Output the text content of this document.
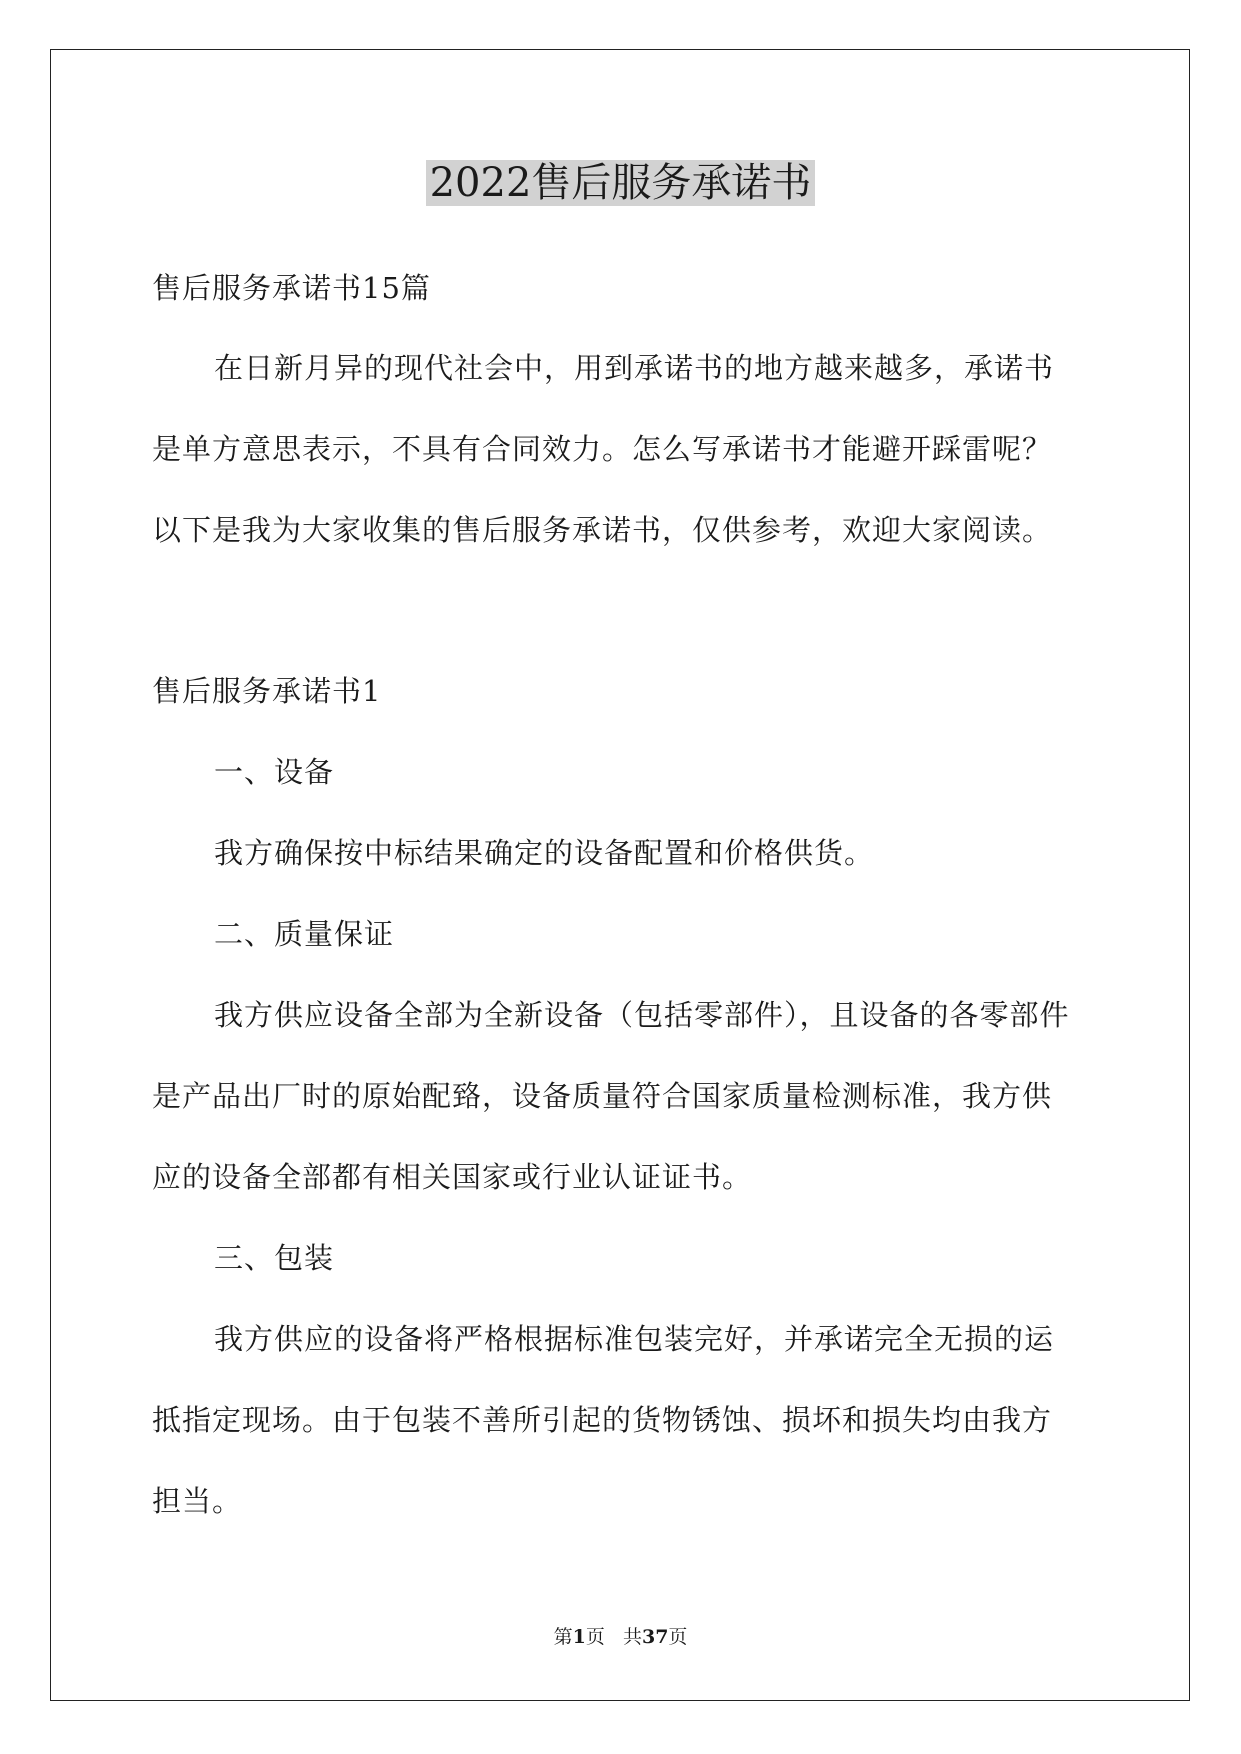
2022售后服务承诺书
售后服务承诺书15篇
在日新月异的现代社会中，用到承诺书的地方越来越多，承诺书
是单方意思表示，不具有合同效力。怎么写承诺书才能避开踩雷呢？
以下是我为大家收集的售后服务承诺书，仅供参考，欢迎大家阅读。
售后服务承诺书1
一、设备
我方确保按中标结果确定的设备配置和价格供货。
二、质量保证
我方供应设备全部为全新设备（包括零部件），且设备的各零部件
是产品出厂时的原始配臵，设备质量符合国家质量检测标准，我方供
应的设备全部都有相关国家或行业认证证书。
三、包装
我方供应的设备将严格根据标准包装完好，并承诺完全无损的运
抵指定现场。由于包装不善所引起的货物锈蚀、损坏和损失均由我方
担当。
第1页 共37页
